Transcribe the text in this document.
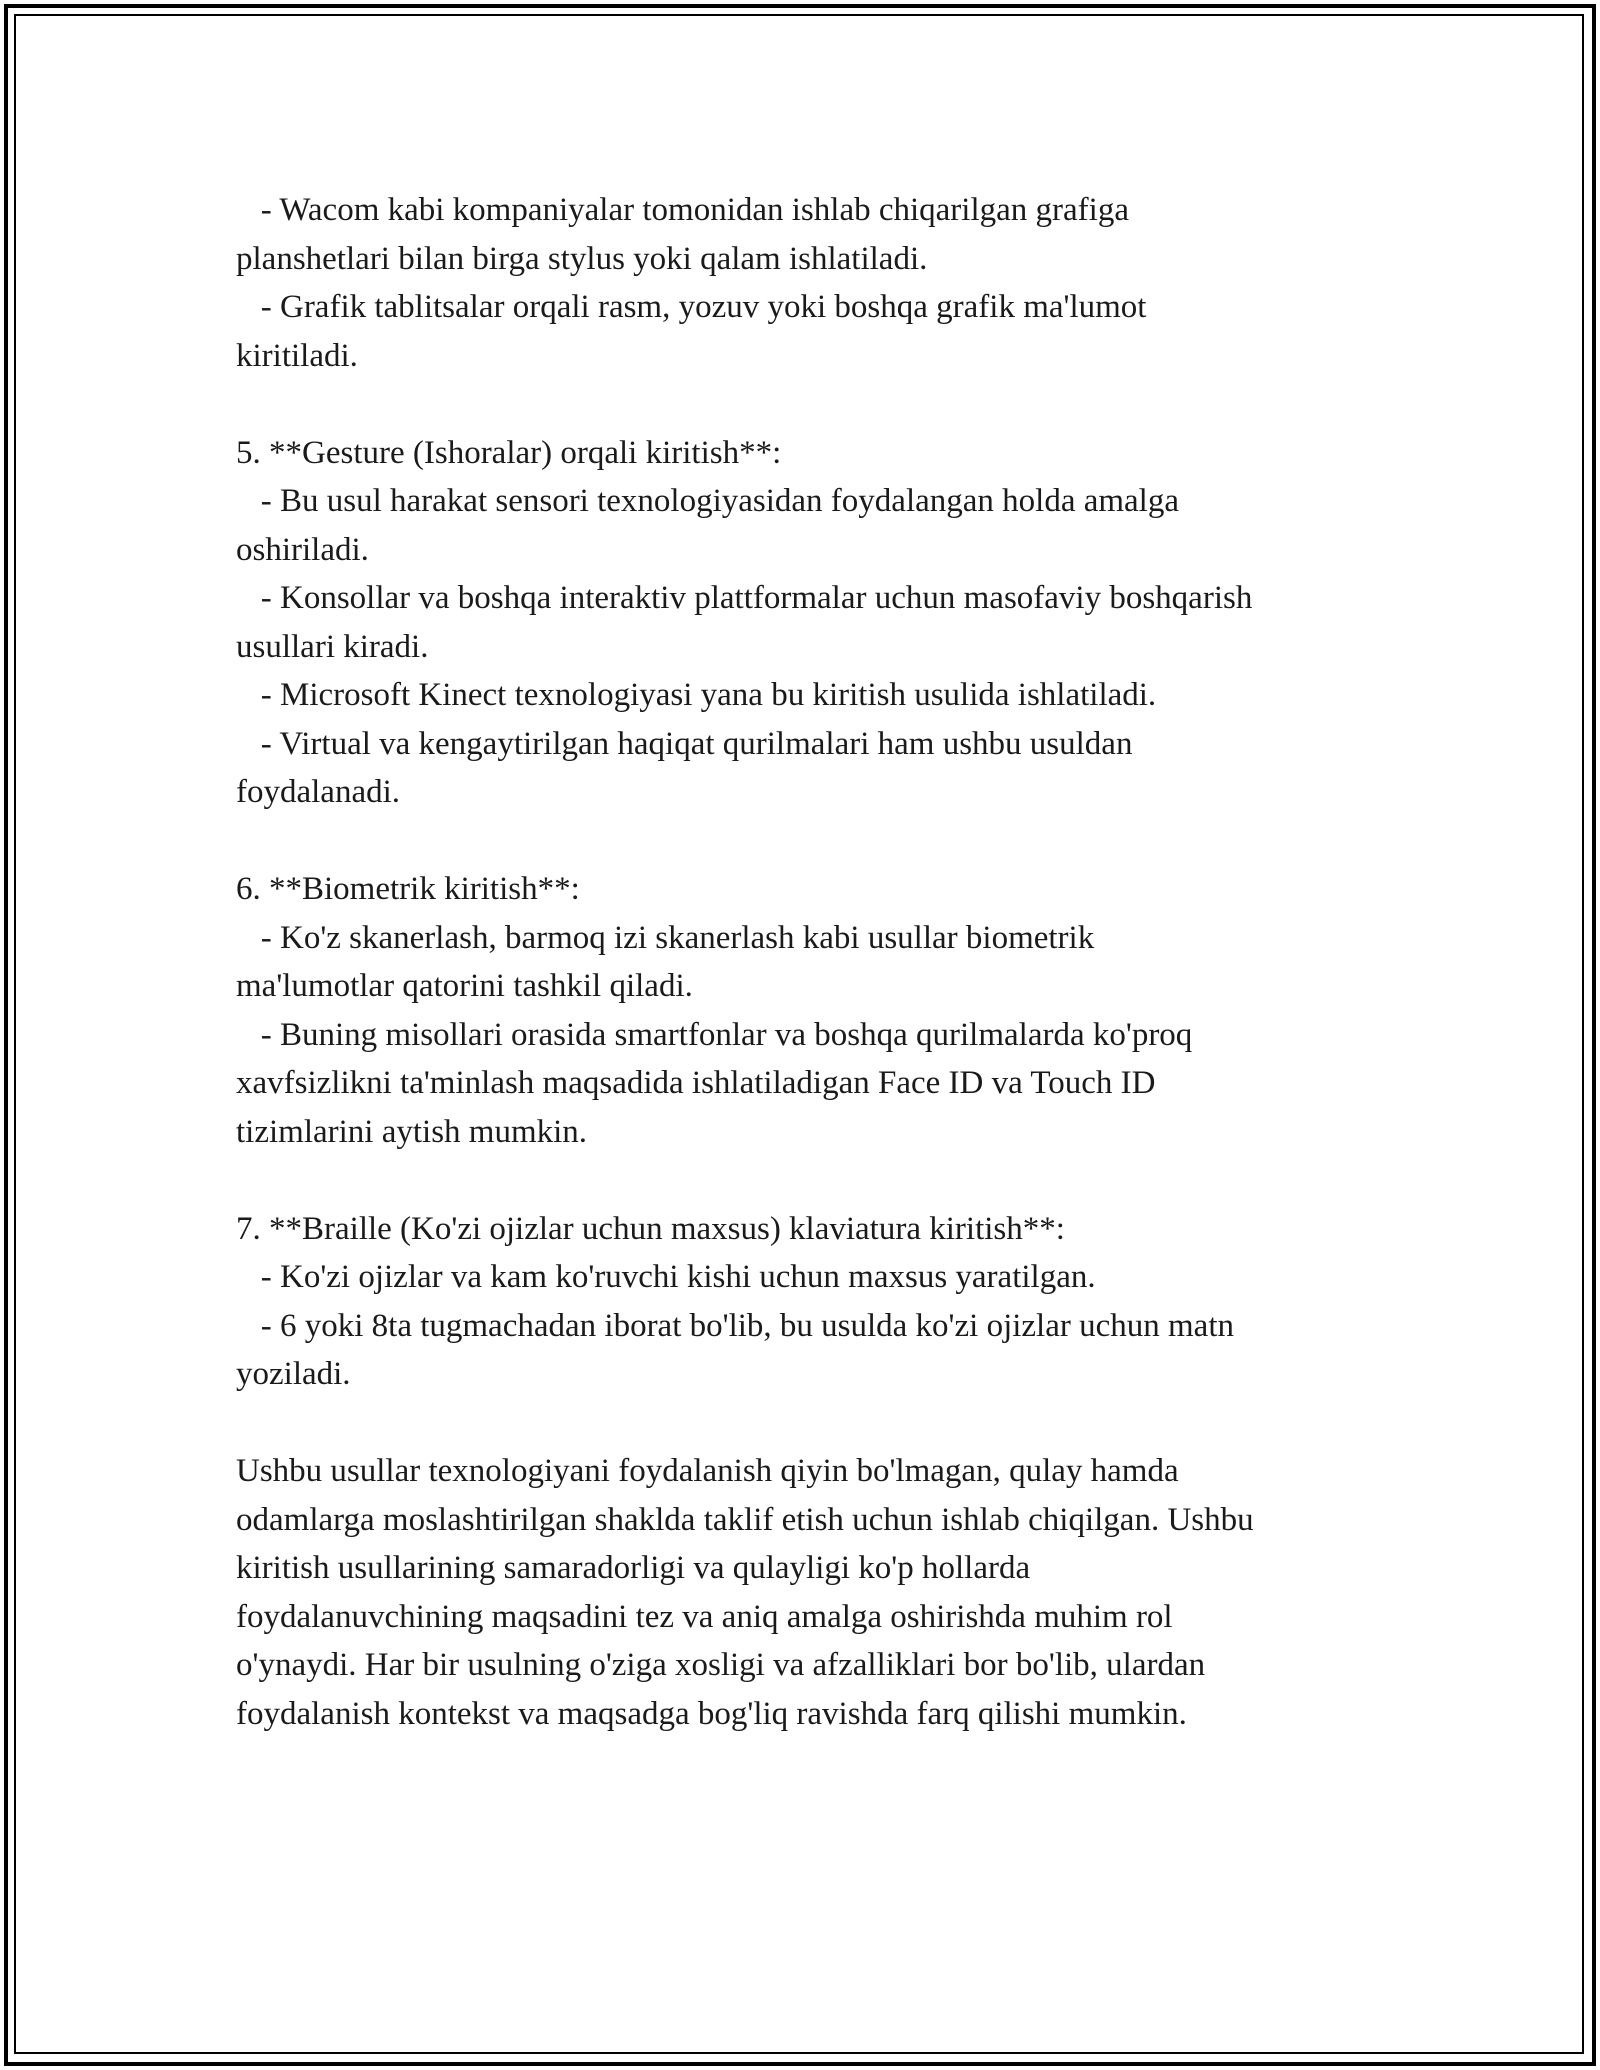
- Wacom kabi kompaniyalar tomonidan ishlab chiqarilgan grafiga
planshetlari bilan birga stylus yoki qalam ishlatiladi.
- Grafik tablitsalar orqali rasm, yozuv yoki boshqa grafik ma'lumot
kiritiladi.
5. **Gesture (Ishoralar) orqali kiritish**:
- Bu usul harakat sensori texnologiyasidan foydalangan holda amalga
oshiriladi.
- Konsollar va boshqa interaktiv plattformalar uchun masofaviy boshqarish
usullari kiradi.
- Microsoft Kinect texnologiyasi yana bu kiritish usulida ishlatiladi.
- Virtual va kengaytirilgan haqiqat qurilmalari ham ushbu usuldan
foydalanadi.
6. **Biometrik kiritish**:
- Ko'z skanerlash, barmoq izi skanerlash kabi usullar biometrik
ma'lumotlar qatorini tashkil qiladi.
- Buning misollari orasida smartfonlar va boshqa qurilmalarda ko'proq
xavfsizlikni ta'minlash maqsadida ishlatiladigan Face ID va Touch ID
tizimlarini aytish mumkin.
7. **Braille (Ko'zi ojizlar uchun maxsus) klaviatura kiritish**:
- Ko'zi ojizlar va kam ko'ruvchi kishi uchun maxsus yaratilgan.
- 6 yoki 8ta tugmachadan iborat bo'lib, bu usulda ko'zi ojizlar uchun matn
yoziladi.
Ushbu usullar texnologiyani foydalanish qiyin bo'lmagan, qulay hamda
odamlarga moslashtirilgan shaklda taklif etish uchun ishlab chiqilgan. Ushbu
kiritish usullarining samaradorligi va qulayligi ko'p hollarda
foydalanuvchining maqsadini tez va aniq amalga oshirishda muhim rol
o'ynaydi. Har bir usulning o'ziga xosligi va afzalliklari bor bo'lib, ulardan
foydalanish kontekst va maqsadga bog'liq ravishda farq qilishi mumkin.
